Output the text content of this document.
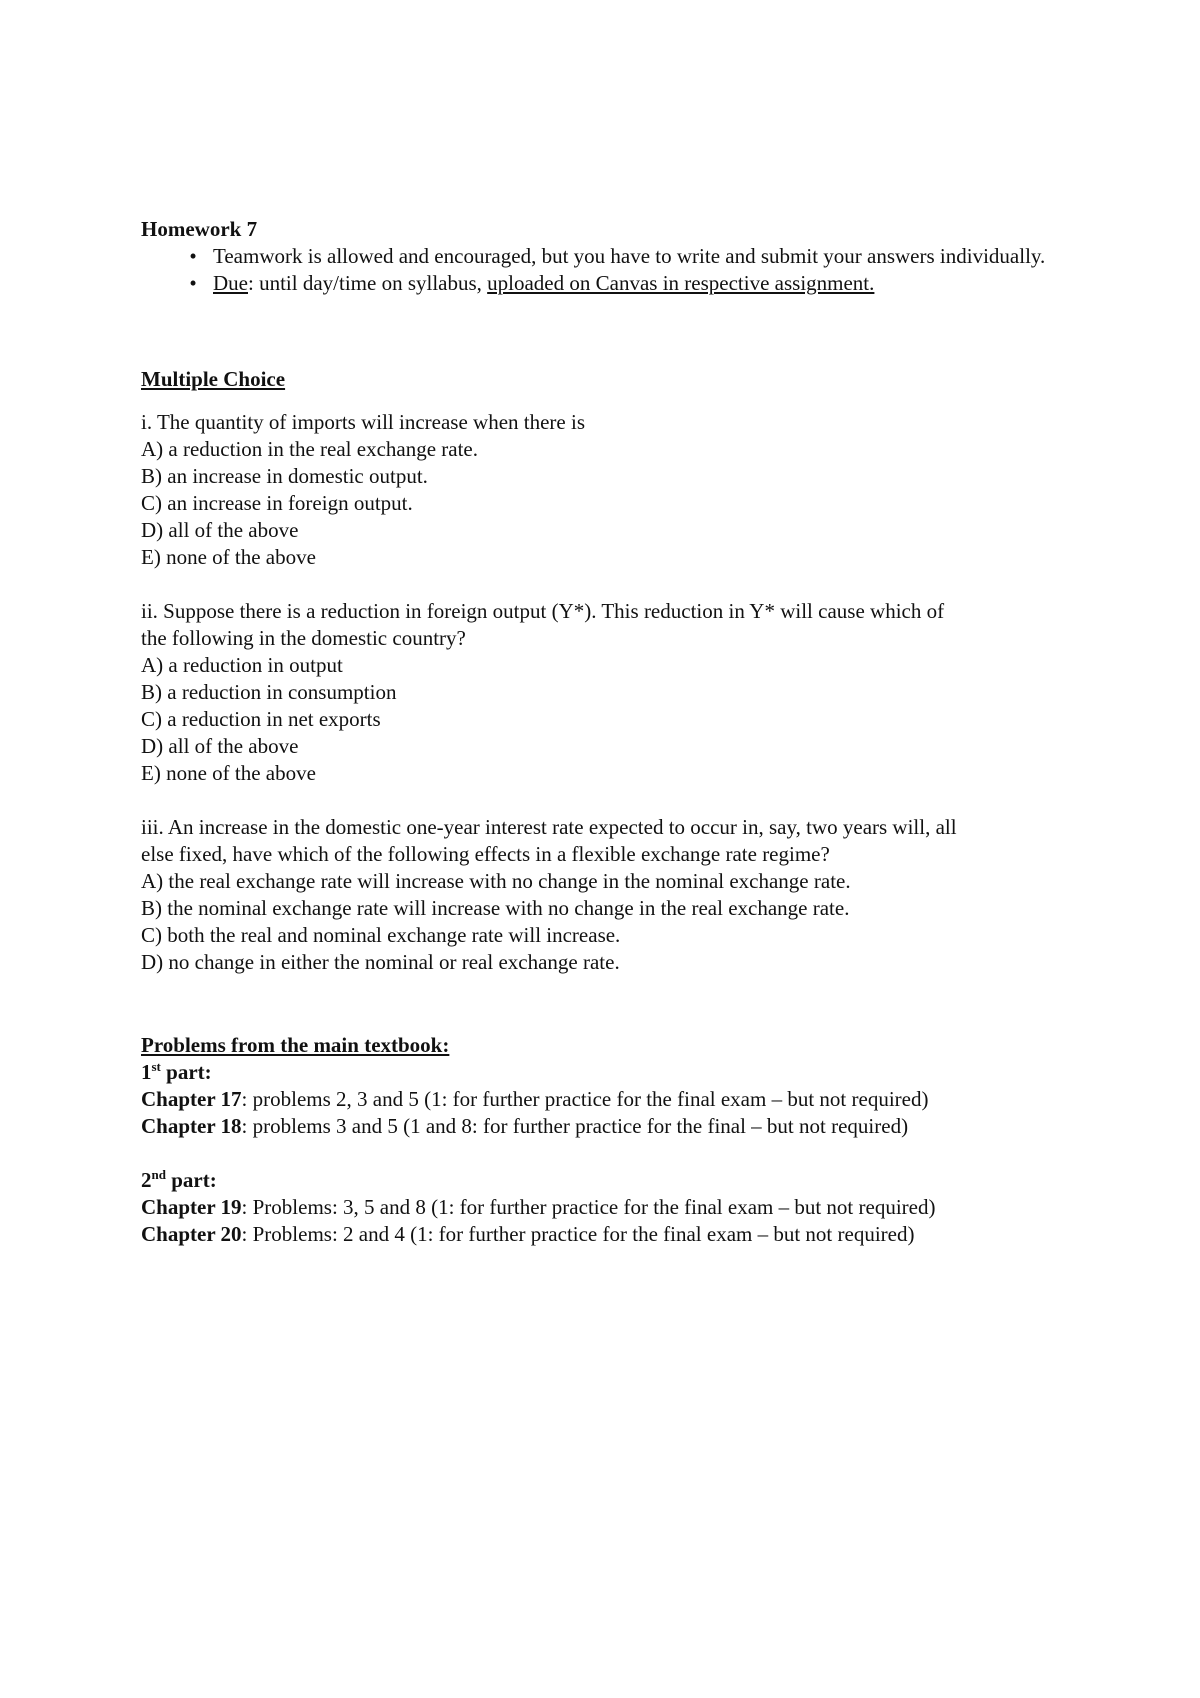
Homework 7
• Teamwork is allowed and encouraged, but you have to write and submit your answers individually.
• Due: until day/time on syllabus, uploaded on Canvas in respective assignment.
Multiple Choice
i. The quantity of imports will increase when there is
A) a reduction in the real exchange rate.
B) an increase in domestic output.
C) an increase in foreign output.
D) all of the above
E) none of the above
ii. Suppose there is a reduction in foreign output (Y*). This reduction in Y* will cause which of
the following in the domestic country?
A) a reduction in output
B) a reduction in consumption
C) a reduction in net exports
D) all of the above
E) none of the above
iii. An increase in the domestic one-year interest rate expected to occur in, say, two years will, all
else fixed, have which of the following effects in a flexible exchange rate regime?
A) the real exchange rate will increase with no change in the nominal exchange rate.
B) the nominal exchange rate will increase with no change in the real exchange rate.
C) both the real and nominal exchange rate will increase.
D) no change in either the nominal or real exchange rate.
Problems from the main textbook:
1st part:
Chapter 17: problems 2, 3 and 5 (1: for further practice for the final exam – but not required)
Chapter 18: problems 3 and 5 (1 and 8: for further practice for the final – but not required)
2nd part:
Chapter 19: Problems: 3, 5 and 8 (1: for further practice for the final exam – but not required)
Chapter 20: Problems: 2 and 4 (1: for further practice for the final exam – but not required)
